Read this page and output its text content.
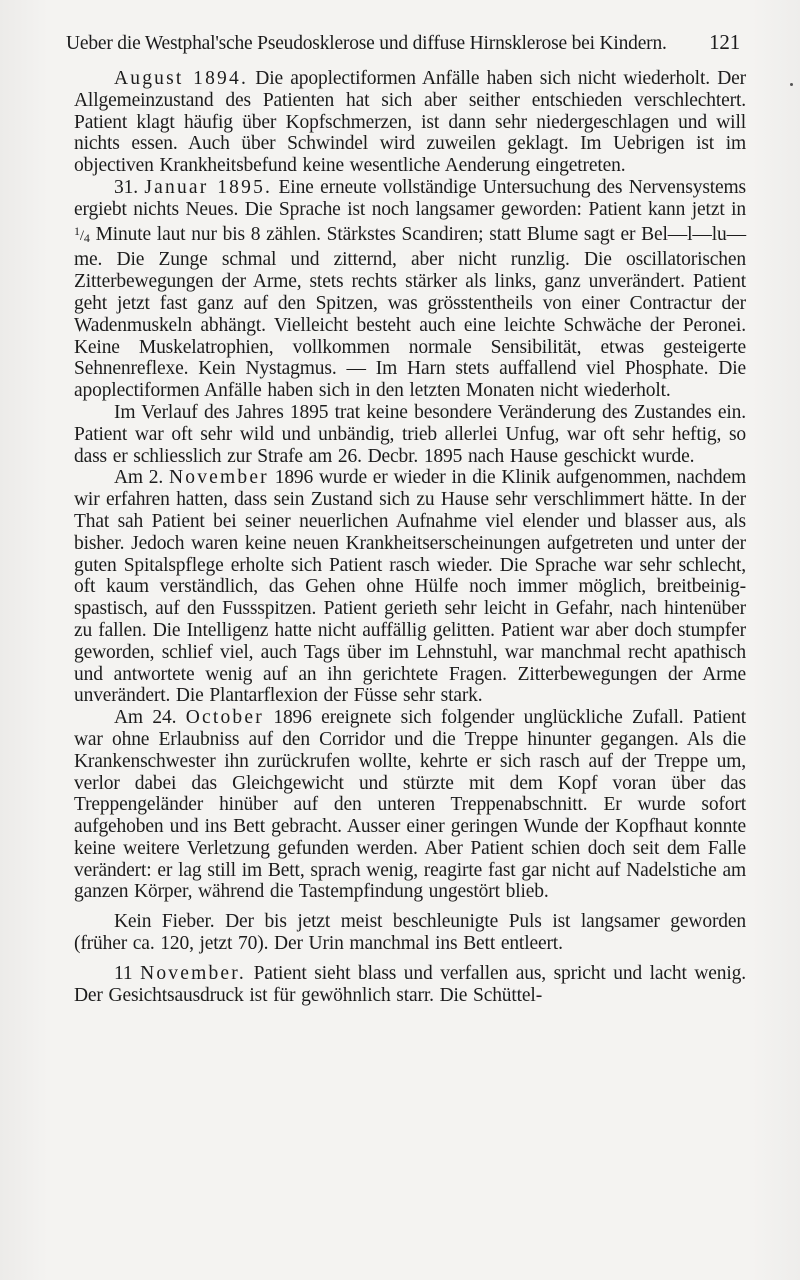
Ueber die Westphal'sche Pseudosklerose und diffuse Hirnsklerose bei Kindern. 121

August 1894. Die apoplectiformen Anfälle haben sich nicht wiederholt. Der Allgemeinzustand des Patienten hat sich aber seither entschieden verschlechtert. Patient klagt häufig über Kopfschmerzen, ist dann sehr niedergeschlagen und will nichts essen. Auch über Schwindel wird zuweilen geklagt. Im Uebrigen ist im objectiven Krankheitsbefund keine wesentliche Aenderung eingetreten.

31. Januar 1895. Eine erneute vollständige Untersuchung des Nervensystems ergiebt nichts Neues. Die Sprache ist noch langsamer geworden: Patient kann jetzt in $^1/_4$ Minute laut nur bis 8 zählen. Stärkstes Scandiren; statt Blume sagt er Bel—l—lu—me. Die Zunge schmal und zitternd, aber nicht runzlig. Die oscillatorischen Zitterbewegungen der Arme, stets rechts stärker als links, ganz unverändert. Patient geht jetzt fast ganz auf den Spitzen, was grösstentheils von einer Contractur der Wadenmuskeln abhängt. Vielleicht besteht auch eine leichte Schwäche der Peronei. Keine Muskelatrophien, vollkommen normale Sensibilität, etwas gesteigerte Sehnenreflexe. Kein Nystagmus. — Im Harn stets auffallend viel Phosphate. Die apoplectiformen Anfälle haben sich in den letzten Monaten nicht wiederholt.

Im Verlauf des Jahres 1895 trat keine besondere Veränderung des Zustandes ein. Patient war oft sehr wild und unbändig, trieb allerlei Unfug, war oft sehr heftig, so dass er schliesslich zur Strafe am 26. Decbr. 1895 nach Hause geschickt wurde.

Am 2. November 1896 wurde er wieder in die Klinik aufgenommen, nachdem wir erfahren hatten, dass sein Zustand sich zu Hause sehr verschlimmert hätte. In der That sah Patient bei seiner neuerlichen Aufnahme viel elender und blasser aus, als bisher. Jedoch waren keine neuen Krankheitserscheinungen aufgetreten und unter der guten Spitalspflege erholte sich Patient rasch wieder. Die Sprache war sehr schlecht, oft kaum verständlich, das Gehen ohne Hülfe noch immer möglich, breitbeinig-spastisch, auf den Fussspitzen. Patient gerieth sehr leicht in Gefahr, nach hintenüber zu fallen. Die Intelligenz hatte nicht auffällig gelitten. Patient war aber doch stumpfer geworden, schlief viel, auch Tags über im Lehnstuhl, war manchmal recht apathisch und antwortete wenig auf an ihn gerichtete Fragen. Zitterbewegungen der Arme unverändert. Die Plantarflexion der Füsse sehr stark.

Am 24. October 1896 ereignete sich folgender unglückliche Zufall. Patient war ohne Erlaubniss auf den Corridor und die Treppe hinunter gegangen. Als die Krankenschwester ihn zurückrufen wollte, kehrte er sich rasch auf der Treppe um, verlor dabei das Gleichgewicht und stürzte mit dem Kopf voran über das Treppengeländer hinüber auf den unteren Treppenabschnitt. Er wurde sofort aufgehoben und ins Bett gebracht. Ausser einer geringen Wunde der Kopfhaut konnte keine weitere Verletzung gefunden werden. Aber Patient schien doch seit dem Falle verändert: er lag still im Bett, sprach wenig, reagirte fast gar nicht auf Nadelstiche am ganzen Körper, während die Tastempfindung ungestört blieb.

Kein Fieber. Der bis jetzt meist beschleunigte Puls ist langsamer geworden (früher ca. 120, jetzt 70). Der Urin manchmal ins Bett entleert.

11 November. Patient sieht blass und verfallen aus, spricht und lacht wenig. Der Gesichtsausdruck ist für gewöhnlich starr. Die Schüttel-
